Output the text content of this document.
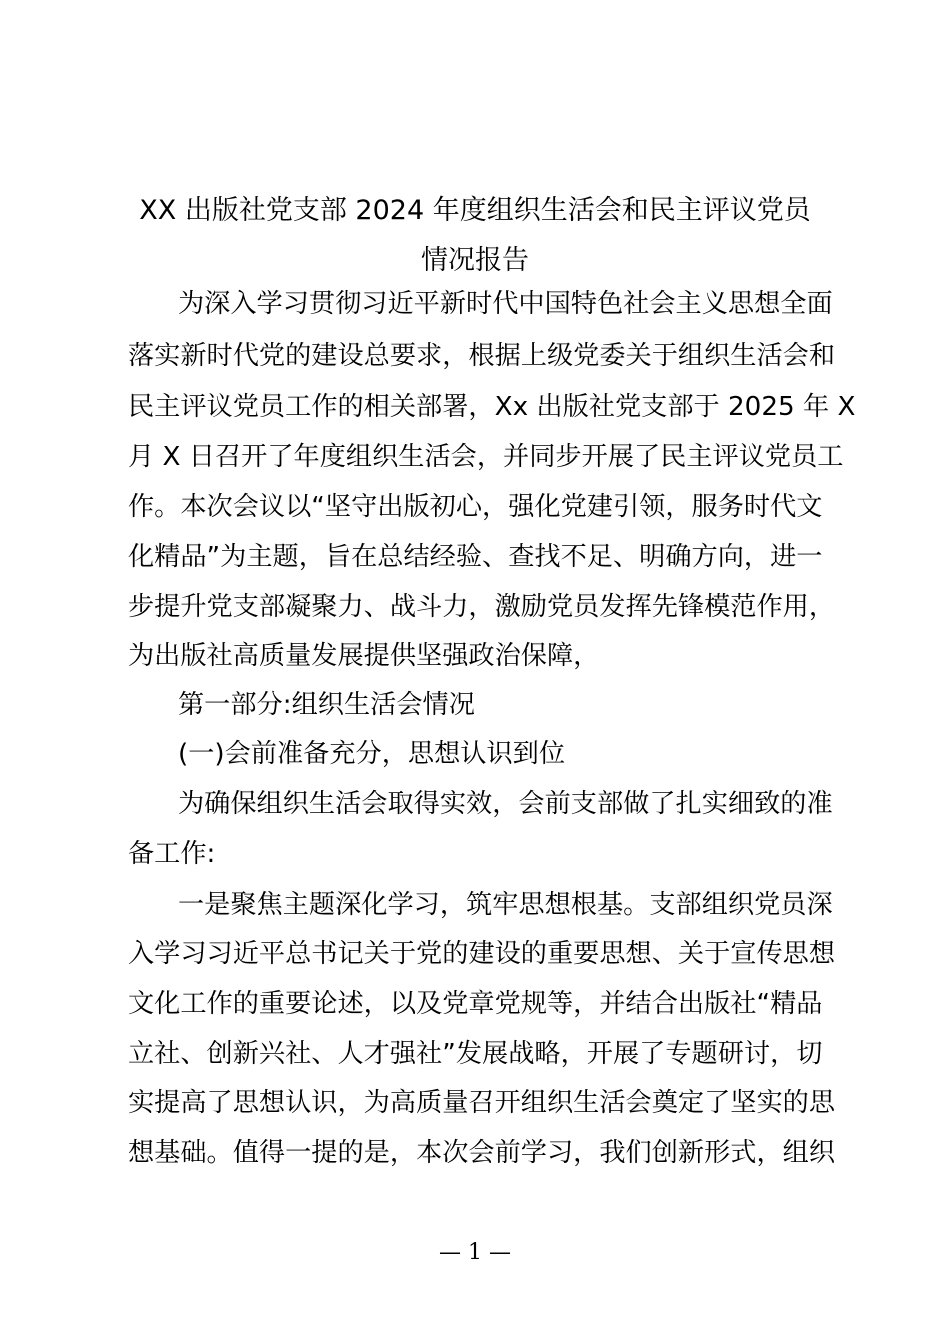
XX 出版社党支部 2024 年度组织生活会和民主评议党员
情况报告
为深入学习贯彻习近平新时代中国特色社会主义思想全面
落实新时代党的建设总要求，根据上级党委关于组织生活会和
民主评议党员工作的相关部署，Xx 出版社党支部于 2025 年 X
月 X 日召开了年度组织生活会，并同步开展了民主评议党员工
作。本次会议以“坚守出版初心，强化党建引领，服务时代文
化精品”为主题，旨在总结经验、查找不足、明确方向，进一
步提升党支部凝聚力、战斗力，激励党员发挥先锋模范作用，
为出版社高质量发展提供坚强政治保障，
第一部分:组织生活会情况
(一)会前准备充分，思想认识到位
为确保组织生活会取得实效，会前支部做了扎实细致的准
备工作:
一是聚焦主题深化学习，筑牢思想根基。支部组织党员深
入学习习近平总书记关于党的建设的重要思想、关于宣传思想
文化工作的重要论述，以及党章党规等，并结合出版社“精品
立社、创新兴社、人才强社”发展战略，开展了专题研讨，切
实提高了思想认识，为高质量召开组织生活会奠定了坚实的思
想基础。值得一提的是，本次会前学习，我们创新形式，组织
— 1 —
